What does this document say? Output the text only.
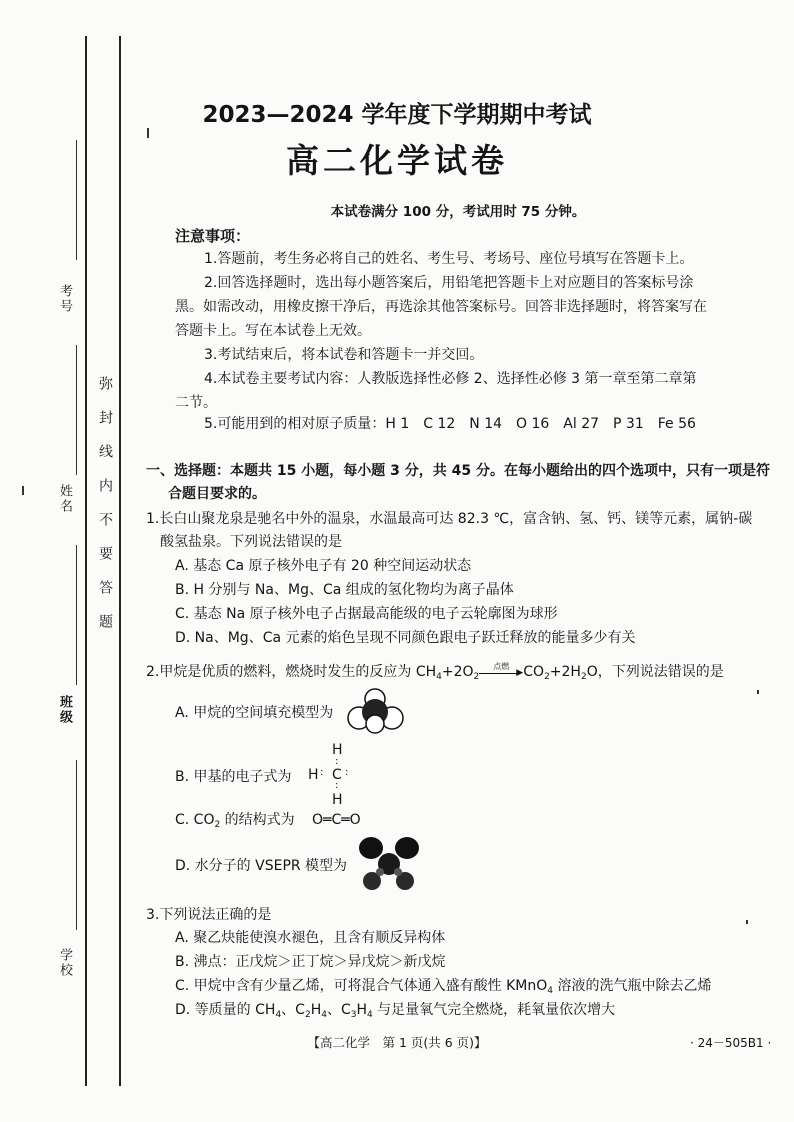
考号
姓名
班级
学校
弥封线内不要答题
2023—2024 学年度下学期期中考试
高二化学试卷
本试卷满分 100 分，考试用时 75 分钟。
注意事项：
1.答题前，考生务必将自己的姓名、考生号、考场号、座位号填写在答题卡上。
2.回答选择题时，选出每小题答案后，用铅笔把答题卡上对应题目的答案标号涂
黑。如需改动，用橡皮擦干净后，再选涂其他答案标号。回答非选择题时，将答案写在
答题卡上。写在本试卷上无效。
3.考试结束后，将本试卷和答题卡一并交回。
4.本试卷主要考试内容：人教版选择性必修 2、选择性必修 3 第一章至第二章第
二节。
5.可能用到的相对原子质量：H 1　C 12　N 14　O 16　Al 27　P 31　Fe 56
一、选择题：本题共 15 小题，每小题 3 分，共 45 分。在每小题给出的四个选项中，只有一项是符
合题目要求的。
1.长白山聚龙泉是驰名中外的温泉，水温最高可达 82.3 ℃，富含钠、氢、钙、镁等元素，属钠-碳
酸氢盐泉。下列说法错误的是
A. 基态 Ca 原子核外电子有 20 种空间运动状态
B. H 分别与 Na、Mg、Ca 组成的氢化物均为离子晶体
C. 基态 Na 原子核外电子占据最高能级的电子云轮廓图为球形
D. Na、Mg、Ca 元素的焰色呈现不同颜色跟电子跃迁释放的能量多少有关
2.甲烷是优质的燃料，燃烧时发生的反应为 $CH_4+2O_2$
点燃
▶ $CO_2+2H_2O$，下列说法错误的是
A. 甲烷的空间填充模型为
B. 甲基的电子式为
H
:
H : C :
:
H
C. $CO_2$ 的结构式为 O═C═O
D. 水分子的 VSEPR 模型为
3.下列说法正确的是
A. 聚乙炔能使溴水褪色，且含有顺反异构体
B. 沸点：正戊烷＞正丁烷＞异戊烷＞新戊烷
C. 甲烷中含有少量乙烯，可将混合气体通入盛有酸性 KMnO$_4$ 溶液的洗气瓶中除去乙烯
D. 等质量的 $CH_4$、$C_2H_4$、$C_3H_4$ 与足量氧气完全燃烧，耗氧量依次增大
【高二化学　第 1 页(共 6 页)】	· 24－505B1 ·
